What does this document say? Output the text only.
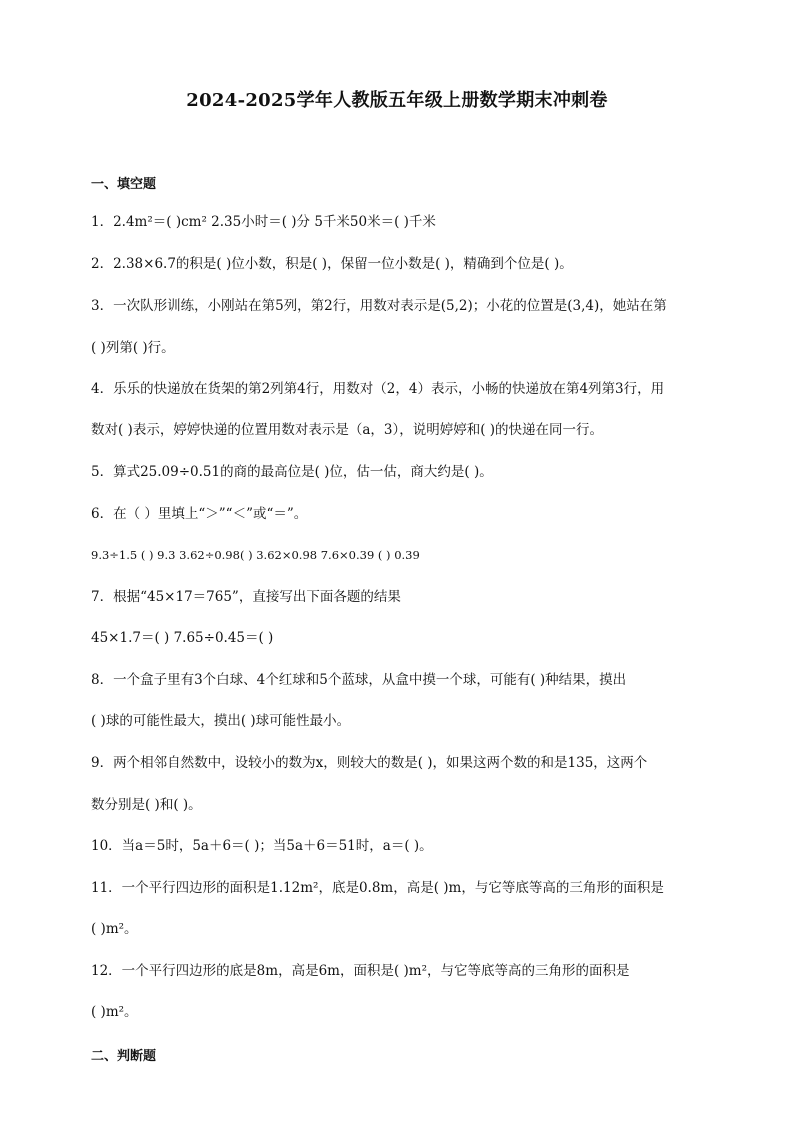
2024-2025学年人教版五年级上册数学期末冲刺卷
一、填空题
1．2.4m²＝( )cm² 2.35小时＝( )分 5千米50米＝( )千米
2．2.38×6.7的积是( )位小数，积是( )，保留一位小数是( )，精确到个位是( )。
3．一次队形训练，小刚站在第5列，第2行，用数对表示是(5,2)；小花的位置是(3,4)，她站在第
( )列第( )行。
4．乐乐的快递放在货架的第2列第4行，用数对（2，4）表示，小畅的快递放在第4列第3行，用
数对( )表示，婷婷快递的位置用数对表示是（a，3），说明婷婷和( )的快递在同一行。
5．算式25.09÷0.51的商的最高位是( )位，估一估，商大约是( )。
6．在（ ）里填上“＞”“＜”或“＝”。
9.3÷1.5 ( ) 9.3 3.62÷0.98( ) 3.62×0.98 7.6×0.39 ( ) 0.39
7．根据“45×17＝765”，直接写出下面各题的结果
45×1.7＝( ) 7.65÷0.45＝( )
8．一个盒子里有3个白球、4个红球和5个蓝球，从盒中摸一个球，可能有( )种结果，摸出
( )球的可能性最大，摸出( )球可能性最小。
9．两个相邻自然数中，设较小的数为x，则较大的数是( )，如果这两个数的和是135，这两个
数分别是( )和( )。
10．当a＝5时，5a＋6＝( )；当5a＋6＝51时，a＝( )。
11．一个平行四边形的面积是1.12m²，底是0.8m，高是( )m，与它等底等高的三角形的面积是
( )m²。
12．一个平行四边形的底是8m，高是6m，面积是( )m²，与它等底等高的三角形的面积是
( )m²。
二、判断题
